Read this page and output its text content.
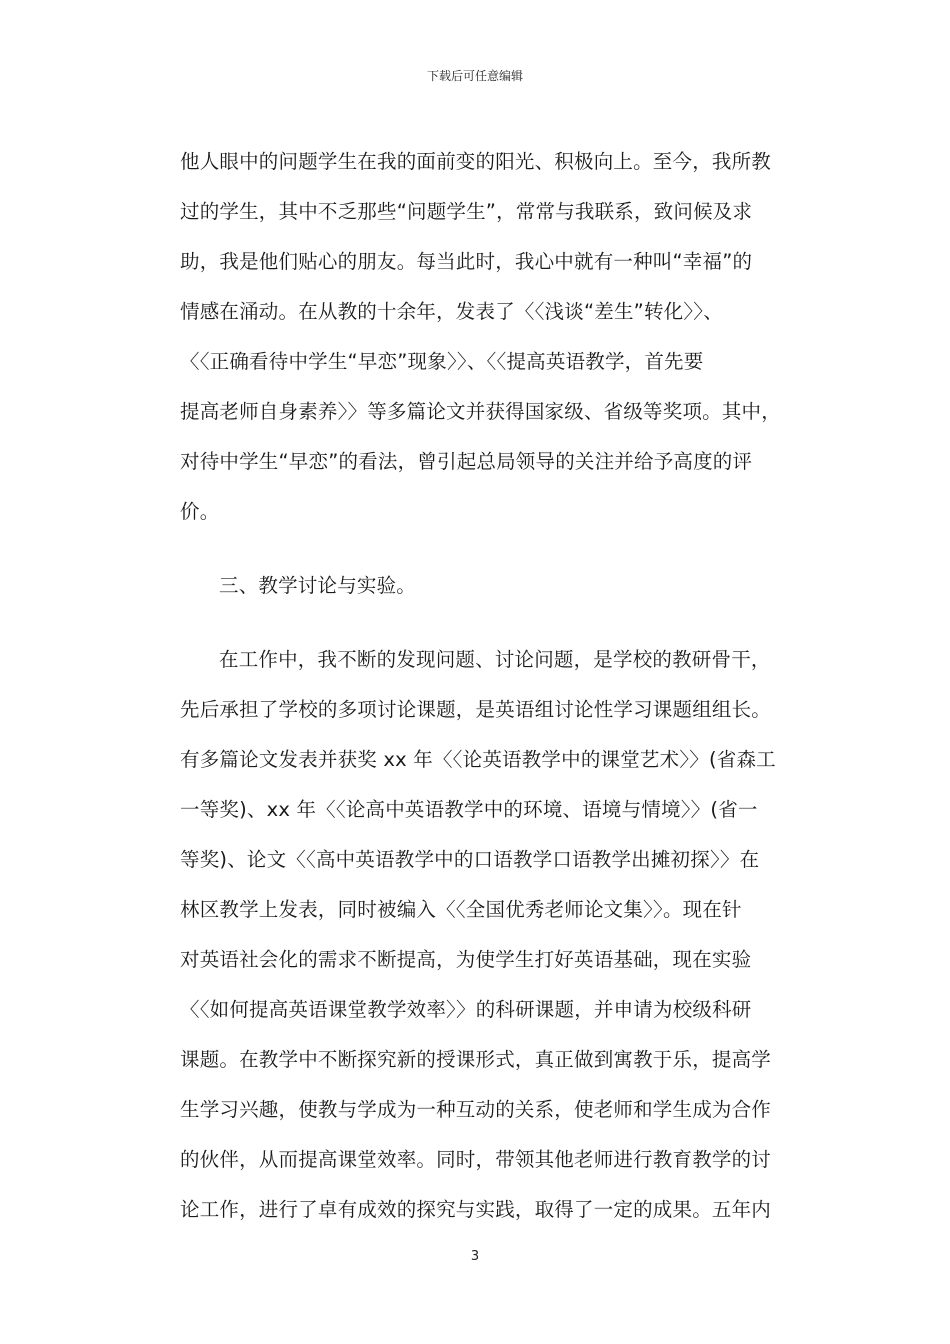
下载后可任意编辑
他人眼中的问题学生在我的面前变的阳光、积极向上。至今，我所教
过的学生，其中不乏那些“问题学生”，常常与我联系，致问候及求
助，我是他们贴心的朋友。每当此时，我心中就有一种叫“幸福”的
情感在涌动。在从教的十余年，发表了〈〈浅谈“差生”转化〉〉、
〈〈正确看待中学生“早恋”现象〉〉、〈〈提高英语教学，首先要
提高老师自身素养〉〉等多篇论文并获得国家级、省级等奖项。其中，
对待中学生“早恋”的看法，曾引起总局领导的关注并给予高度的评
价。
三、教学讨论与实验。
在工作中，我不断的发现问题、讨论问题，是学校的教研骨干，
先后承担了学校的多项讨论课题，是英语组讨论性学习课题组组长。
有多篇论文发表并获奖 xx 年〈〈论英语教学中的课堂艺术〉〉(省森工
一等奖)、xx 年〈〈论高中英语教学中的环境、语境与情境〉〉(省一
等奖)、论文〈〈高中英语教学中的口语教学口语教学出摊初探〉〉在
林区教学上发表，同时被编入〈〈全国优秀老师论文集〉〉。现在针
对英语社会化的需求不断提高，为使学生打好英语基础，现在实验
〈〈如何提高英语课堂教学效率〉〉的科研课题，并申请为校级科研
课题。在教学中不断探究新的授课形式，真正做到寓教于乐，提高学
生学习兴趣，使教与学成为一种互动的关系，使老师和学生成为合作
的伙伴，从而提高课堂效率。同时，带领其他老师进行教育教学的讨
论工作，进行了卓有成效的探究与实践，取得了一定的成果。五年内
3
